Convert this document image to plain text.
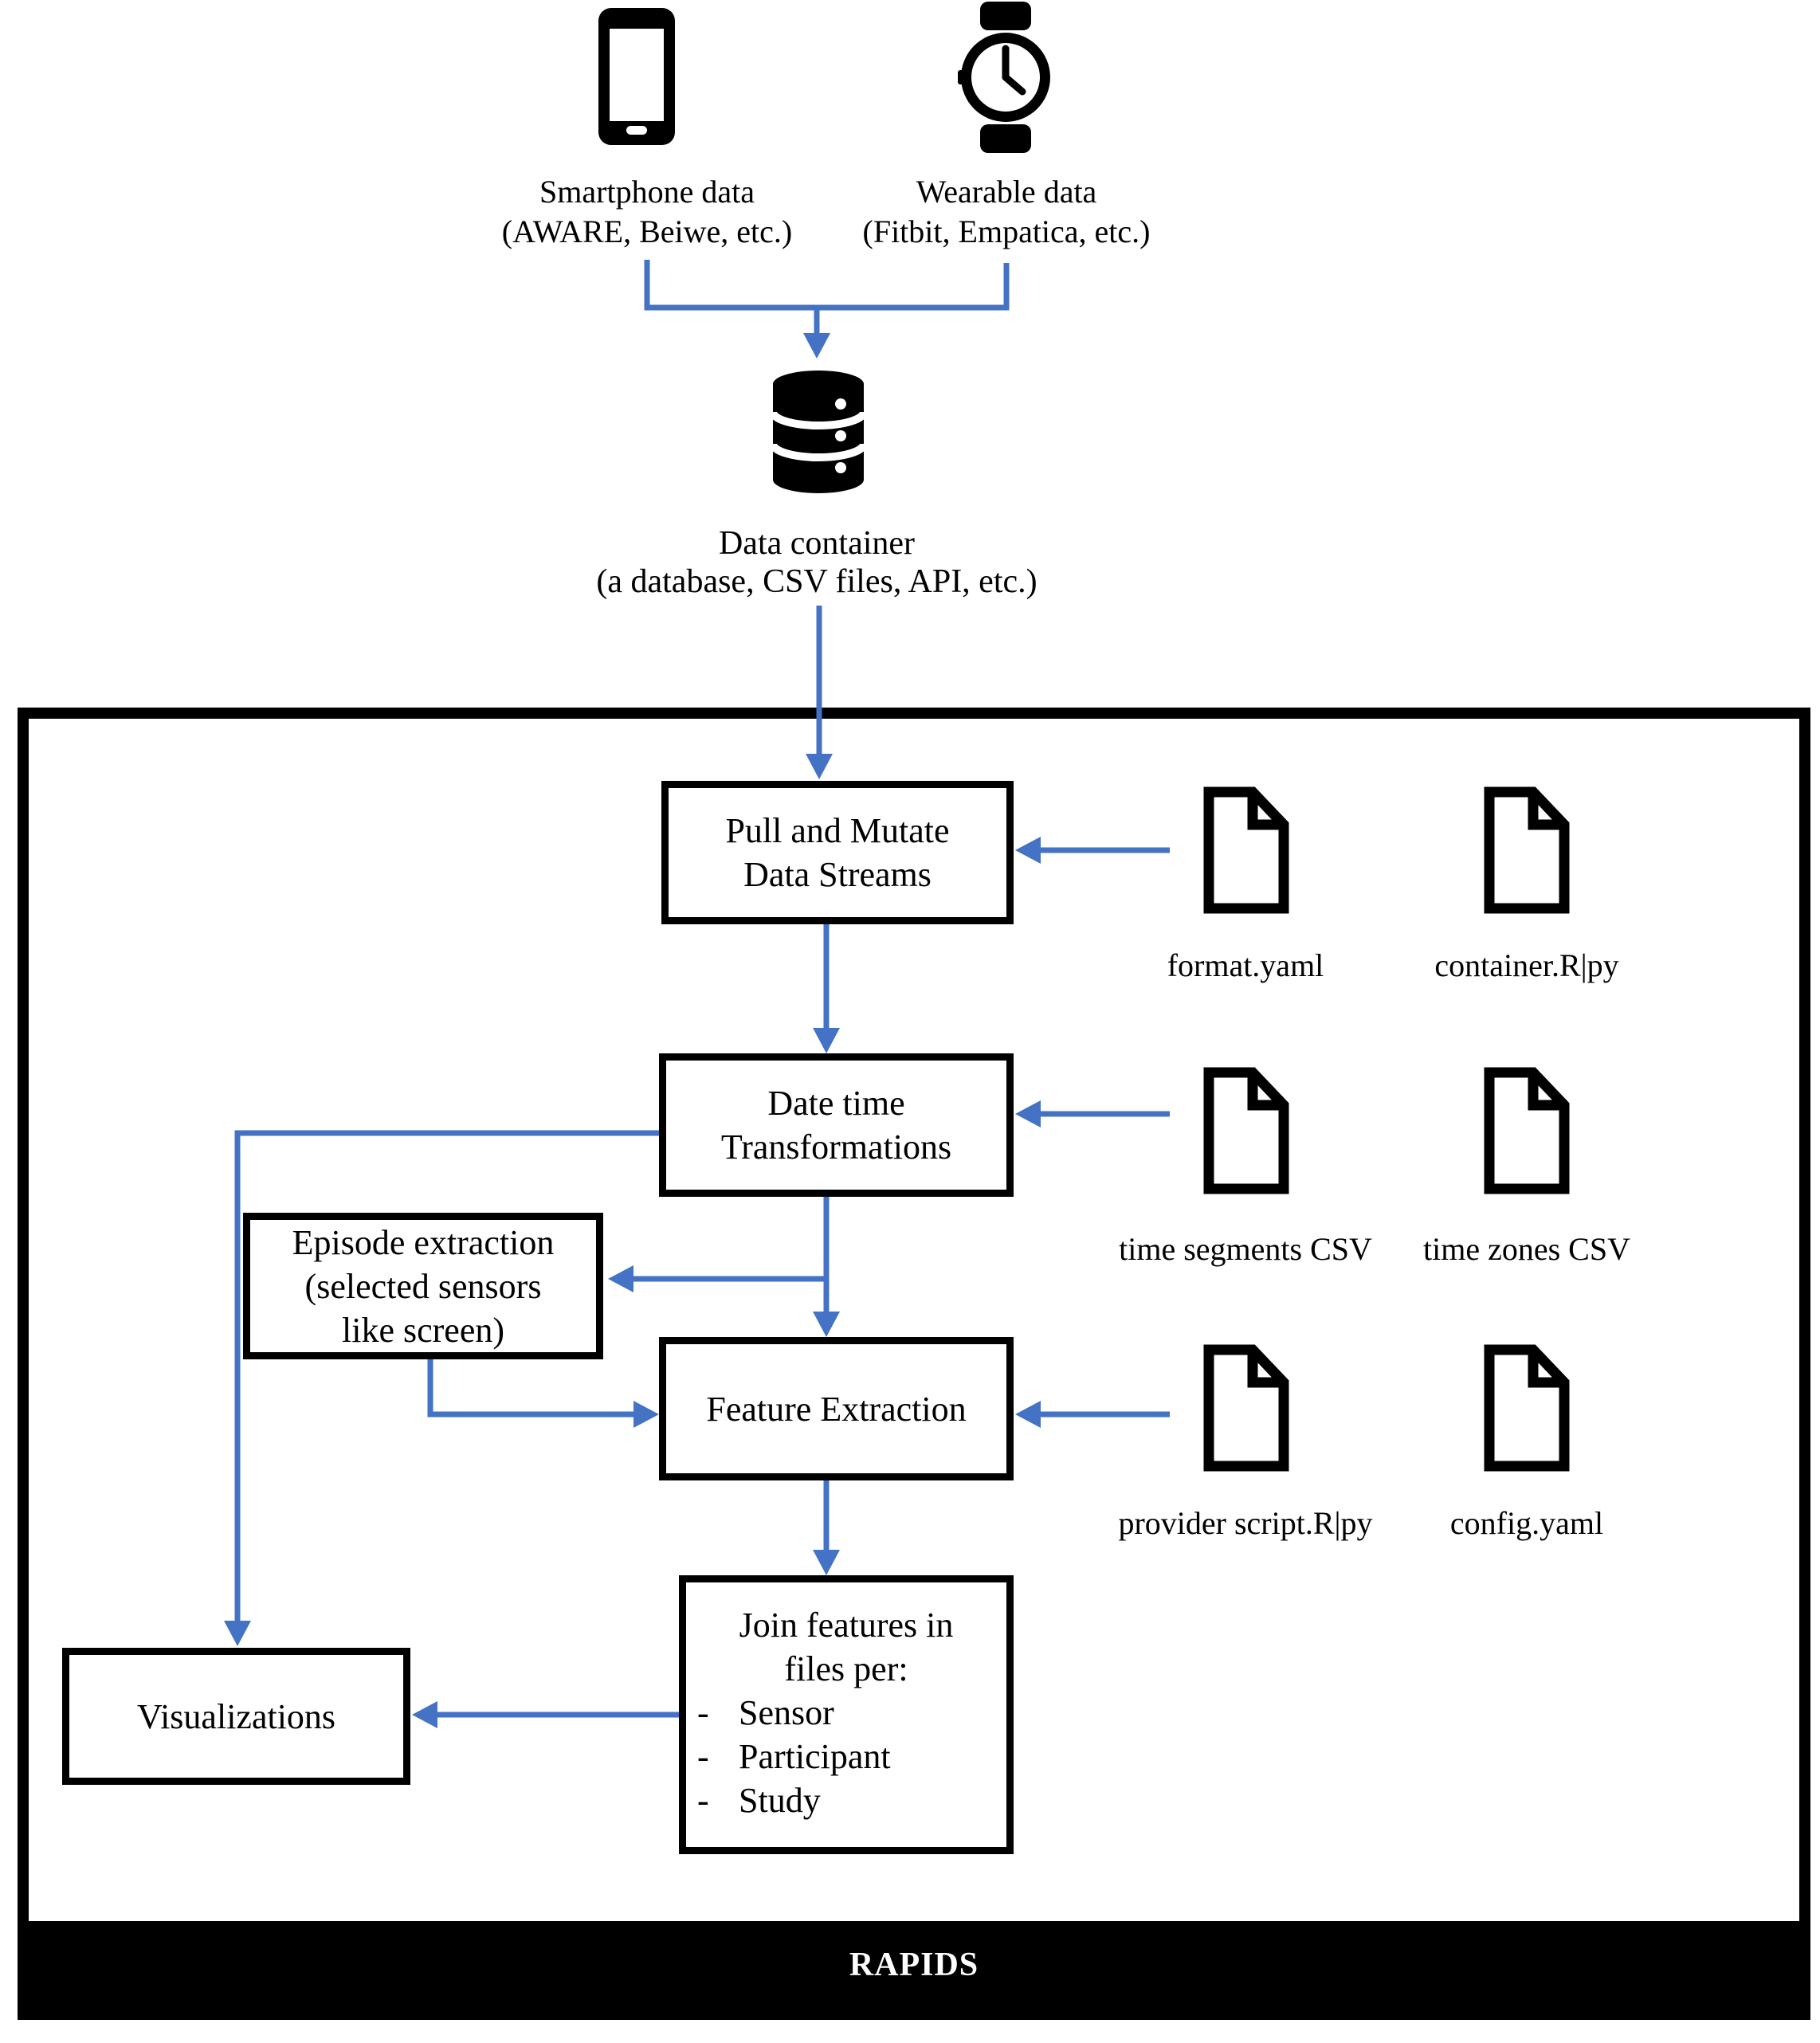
Smartphone data
(AWARE, Beiwe, etc.)
Wearable data
(Fitbit, Empatica, etc.)
Data container
(a database, CSV files, API, etc.)
RAPIDS
Pull and Mutate
Data Streams
Date time
Transformations
Episode extraction
(selected sensors
like screen)
Feature Extraction
Join features in
files per:
- Sensor
- Participant
- Study
Visualizations
format.yaml	container.R|py
time segments CSV	time zones CSV
provider script.R|py	config.yaml
